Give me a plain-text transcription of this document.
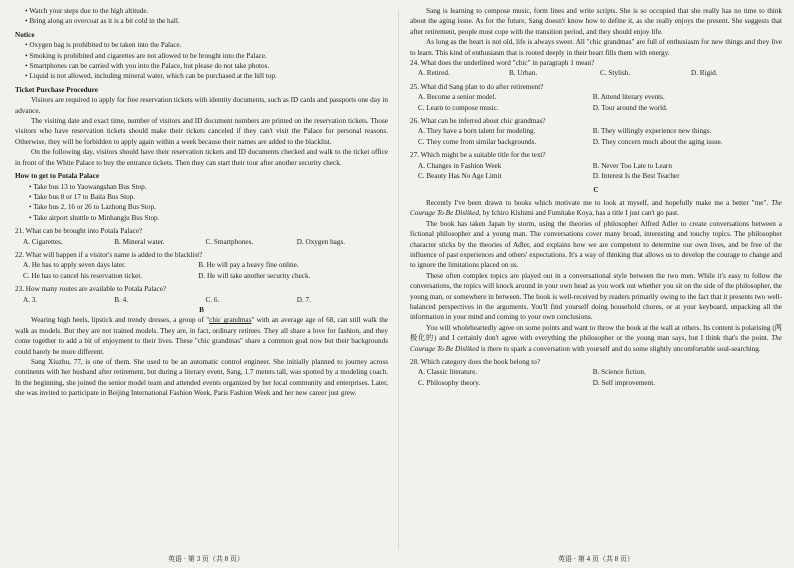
• Watch your steps due to the high altitude.

• Bring along an overcoat as it is a bit cold in the hall.

Notice

• Oxygen bag is prohibited to be taken into the Palace.

• Smoking is prohibited and cigarettes are not allowed to be brought into the Palace.

• Smartphones can be carried with you into the Palace, but please do not take photos.

• Liquid is not allowed, including mineral water, which can be purchased at the hill top.

Ticket Purchase Procedure

Visitors are required to apply for free reservation tickets with identity documents, such as ID cards and passports one day in advance.

The visiting date and exact time, number of visitors and ID document numbers are printed on the reservation tickets. Those visitors who have reservation tickets should make their tickets canceled if they can't visit the Palace for personal reasons. Otherwise, they will be forbidden to apply again within a week because their names are added to the blacklist.

On the following day, visitors should have their reservation tickets and ID documents checked and walk to the ticket office in front of the White Palace to buy the entrance tickets. Then they can start their tour after another security check.

How to get to Potala Palace

• Take bus 13 to Yaowangshan Bus Stop.

• Take bus 8 or 17 to Baita Bus Stop.

• Take bus 2, 16 or 26 to Lazhong Bus Stop.

• Take airport shuttle to Minhangju Bus Stop.

21. What can be brought into Potala Palace?

A. Cigarettes.	B. Mineral water.	C. Smartphones.	D. Oxygen bags.

22. What will happen if a visitor's name is added to the blacklist?

A. He has to apply seven days later.	B. He will pay a heavy fine online.
C. He has to cancel his reservation ticket.	D. He will take another security check.

23. How many routes are available to Potala Palace?

A. 3.	B. 4.	C. 6.	D. 7.

B

Wearing high heels, lipstick and trendy dresses, a group of "chic grandmas" with an average age of 68, can still walk the walk as models. But they are not trained models. They are, in fact, ordinary retirees. They all share a love for fashion, and they come together to add a bit of enjoyment to their lives. These "chic grandmas" share a common goal now but their backgrounds could barely be more different.

Sang Xiuzhu, 77, is one of them. She used to be an automatic control engineer. She initially planned to journey across continents with her husband after retirement, but during a literary event, Sang, 1.7 meters tall, was spotted by a modeling coach. In the beginning, she joined the senior model team and attended events organized by her local community and enterprises. Later, she was invited to participate in Beijing International Fashion Week, Paris Fashion Week and her new career just grew.

英语 · 第 3 页（共 8 页）

Sang is learning to compose music, form lines and write scripts. She is so occupied that she really has no time to think about the aging issue. As for the future, Sang doesn't know how to define it, as she really enjoys the present. She suggests that after retirement, people must cope with the transition period, and they should enjoy life.

As long as the heart is not old, life is always sweet. All "chic grandmas" are full of enthusiasm for new things and they live to learn. This kind of enthusiasm that is rooted deeply in their heart fills them with energy.

24. What does the underlined word "chic" in paragraph 1 mean?

A. Retired.	B. Urban.	C. Stylish.	D. Rigid.

25. What did Sang plan to do after retirement?

A. Become a senior model.	B. Attend literary events.
C. Learn to compose music.	D. Tour around the world.

26. What can be inferred about chic grandmas?

A. They have a born talent for modeling.	B. They willingly experience new things.
C. They come from similar backgrounds.	D. They concern much about the aging issue.

27. Which might be a suitable title for the text?

A. Changes in Fashion Week	B. Never Too Late to Learn
C. Beauty Has No Age Limit	D. Interest Is the Best Teacher

C

Recently I've been drawn to books which motivate me to look at myself, and hopefully make me a better "me". The Courage To Be Disliked, by Ichiro Kishimi and Fumitake Koya, has a title I just can't go past.

The book has taken Japan by storm, using the theories of philosopher Alfred Adler to create conversations between a fictional philosopher and a young man. The conversations cover many broad, interesting and touchy topics. The philosopher character sticks by the theories of Adler, and explains how we are competent to determine our own lives, and be free of the influence of past experiences and others' expectations. It's a way of thinking that allows us to develop the courage to change and to ignore the limitations placed on us.

These often complex topics are played out in a conversational style between the two men. While it's easy to follow the conversations, the topics will knock around in your own head as you work out whether you sit on the side of the philosopher, the young man, or somewhere in between. The book is well-received by readers primarily owing to the fact that it presents two well-balanced perspectives in the arguments. You'll find yourself doing household chores, or at your keyboard, unpacking all the information in your mind and coming to your own conclusions.

You will wholeheartedly agree on some points and want to throw the book at the wall at others. Its content is polarising (两极化的) and I certainly don't agree with everything the philosopher or the young man says, but I think that's the point. The Courage To Be Disliked is there to spark a conversation with yourself and do some slightly uncomfortable soul-searching.

28. Which category does the book belong to?

A. Classic literature.	B. Science fiction.
C. Philosophy theory.	D. Self improvement.
英语 · 第 4 页（共 8 页）
